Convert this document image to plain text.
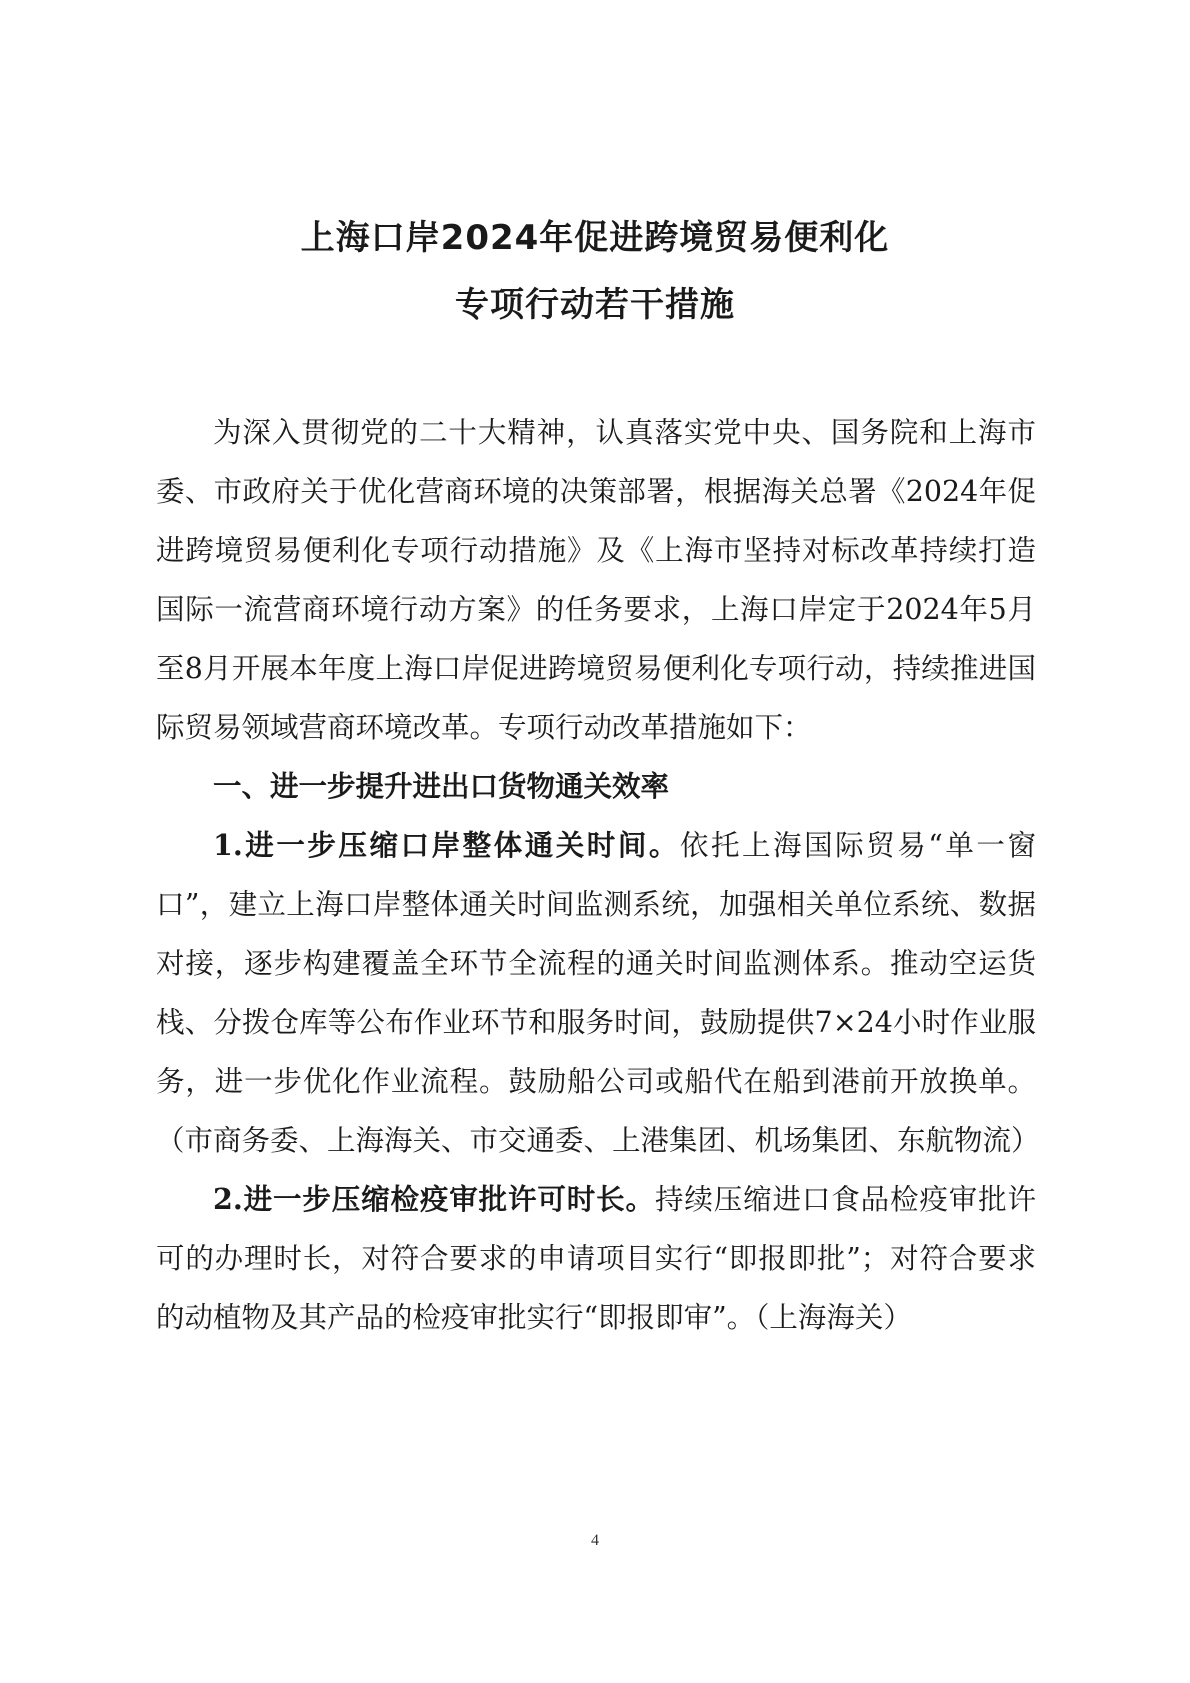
上海口岸2024年促进跨境贸易便利化
专项行动若干措施

为深入贯彻党的二十大精神，认真落实党中央、国务院和上海市委、市政府关于优化营商环境的决策部署，根据海关总署《2024年促进跨境贸易便利化专项行动措施》及《上海市坚持对标改革持续打造国际一流营商环境行动方案》的任务要求，上海口岸定于2024年5月至8月开展本年度上海口岸促进跨境贸易便利化专项行动，持续推进国际贸易领域营商环境改革。专项行动改革措施如下：

一、进一步提升进出口货物通关效率

1.进一步压缩口岸整体通关时间。依托上海国际贸易“单一窗口”，建立上海口岸整体通关时间监测系统，加强相关单位系统、数据对接，逐步构建覆盖全环节全流程的通关时间监测体系。推动空运货栈、分拨仓库等公布作业环节和服务时间，鼓励提供7×24小时作业服务，进一步优化作业流程。鼓励船公司或船代在船到港前开放换单。（市商务委、上海海关、市交通委、上港集团、机场集团、东航物流）

2.进一步压缩检疫审批许可时长。持续压缩进口食品检疫审批许可的办理时长，对符合要求的申请项目实行“即报即批”；对符合要求的动植物及其产品的检疫审批实行“即报即审”。（上海海关）

4
